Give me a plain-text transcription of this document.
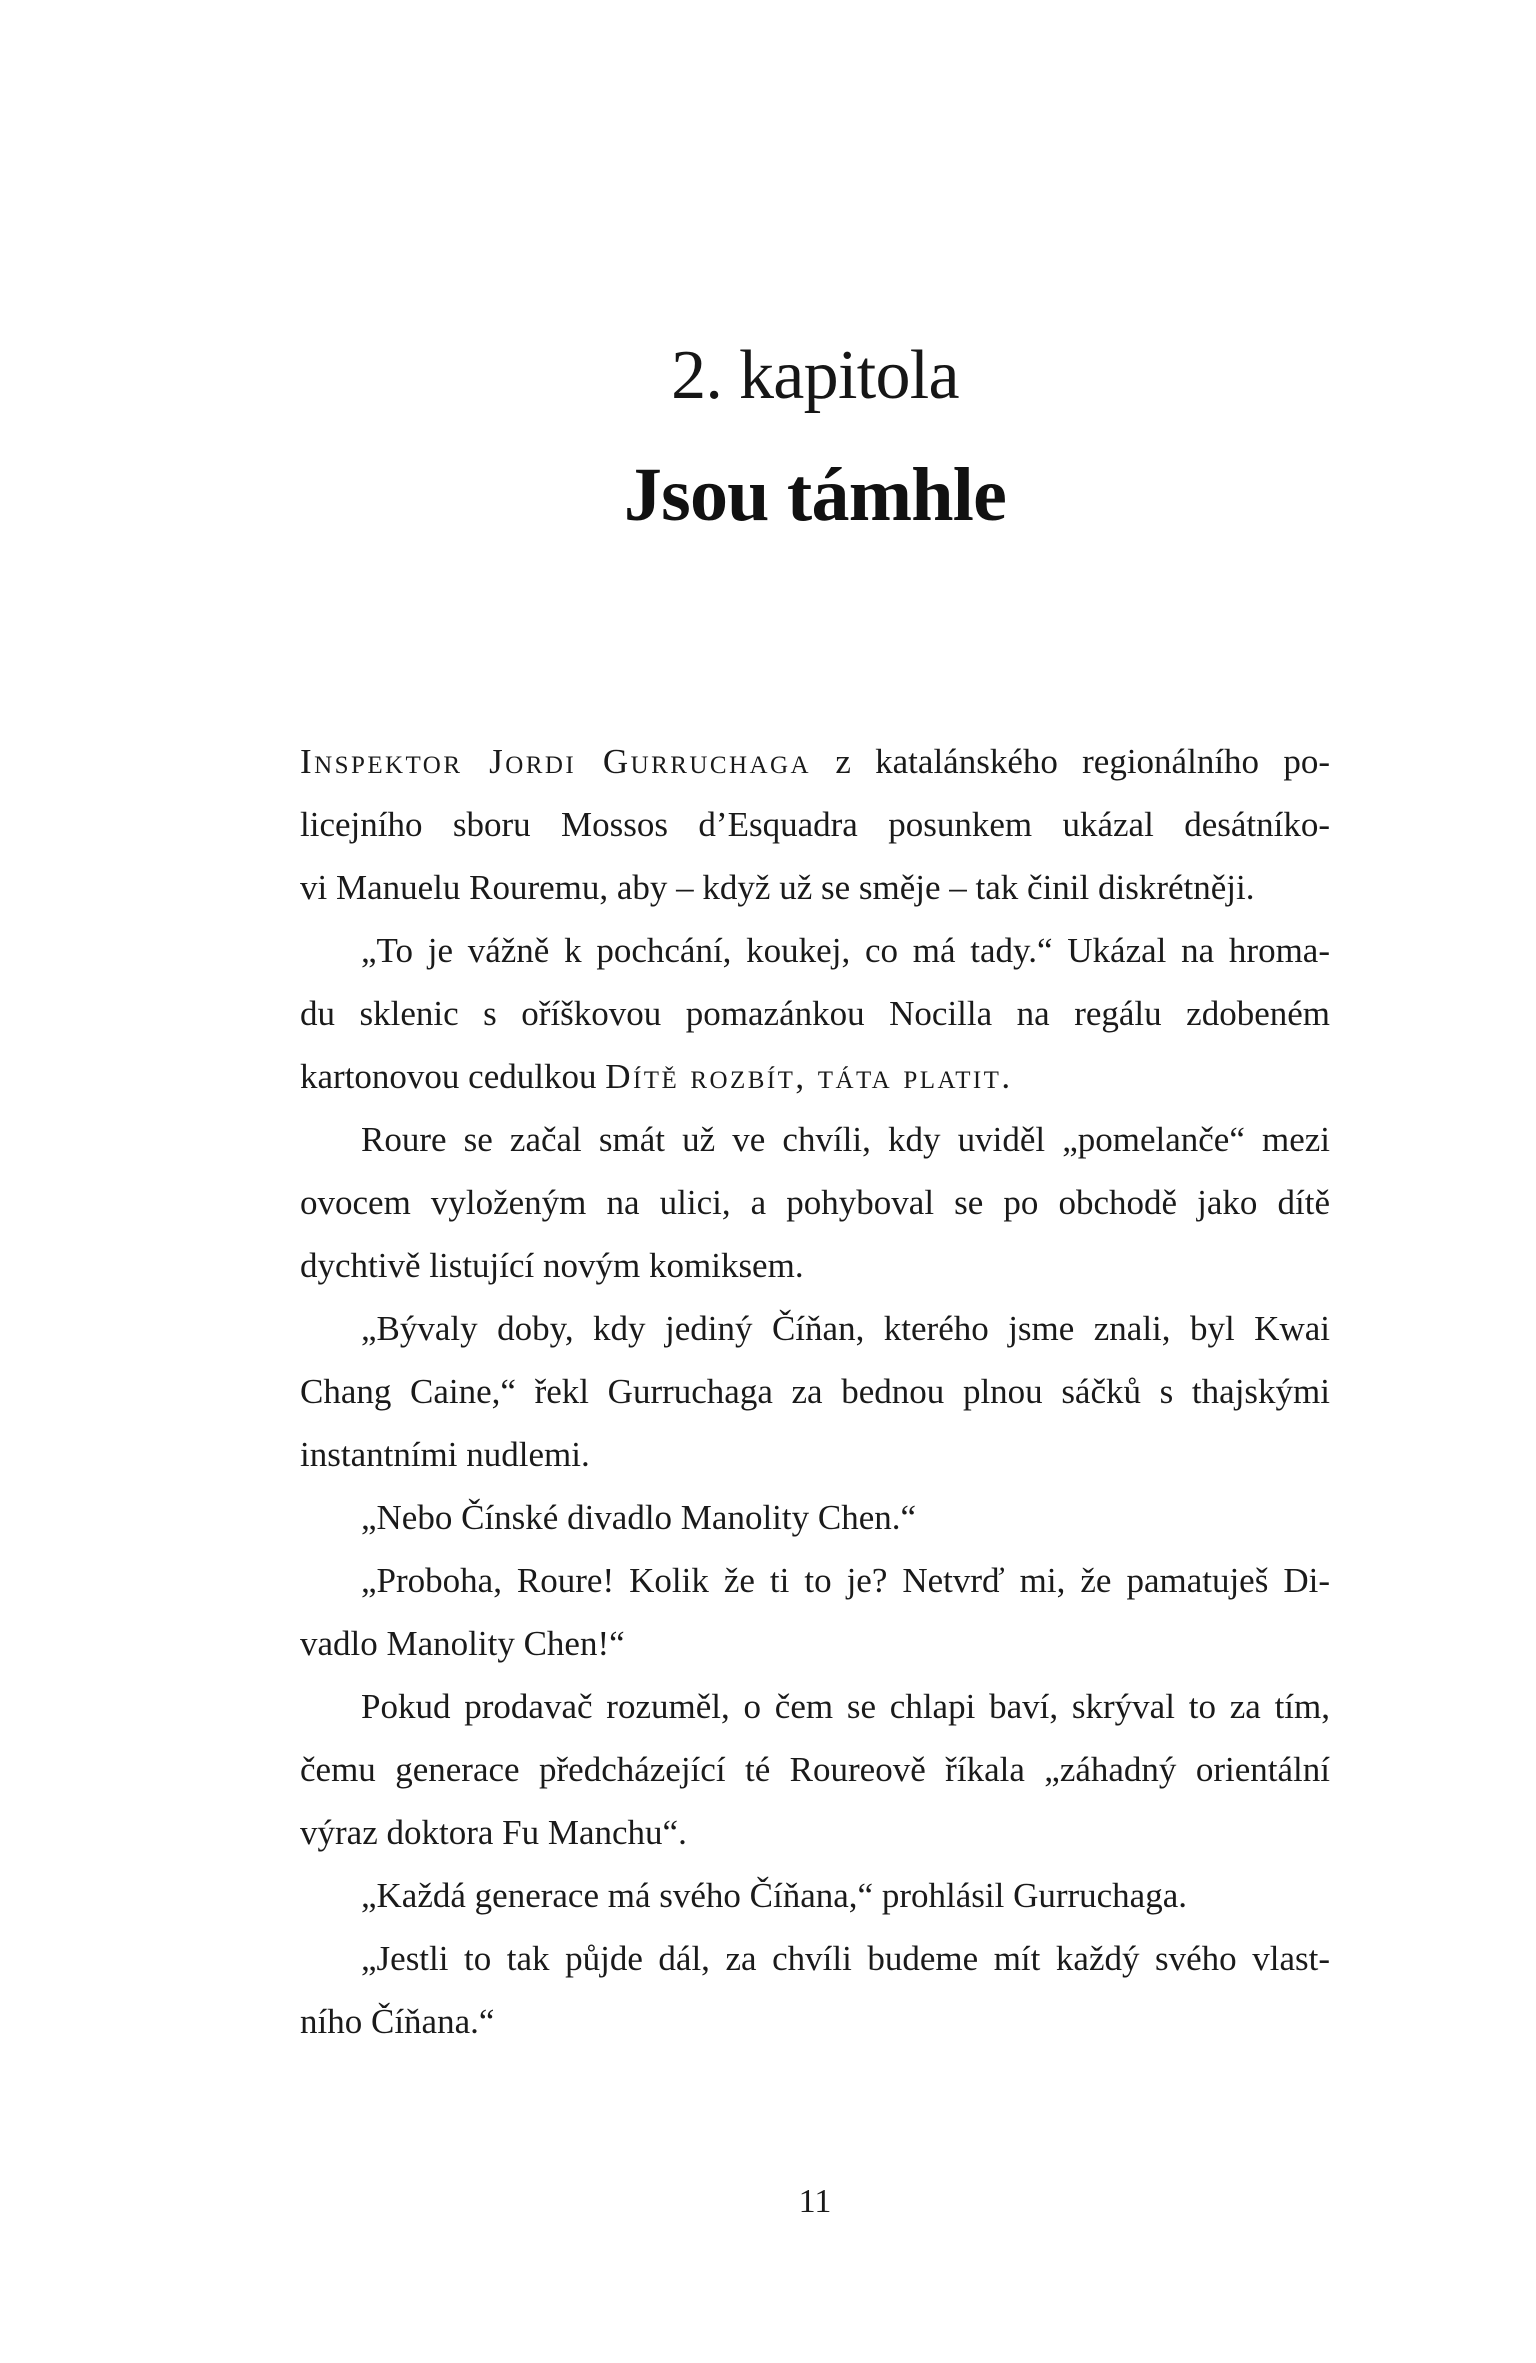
2. kapitola
Jsou támhle
Inspektor Jordi Gurruchaga z katalánského regionálního po-
licejního sboru Mossos d’Esquadra posunkem ukázal desátníko-
vi Manuelu Rouremu, aby – když už se směje – tak činil diskrétněji.
„To je vážně k pochcání, koukej, co má tady.“ Ukázal na hroma-
du sklenic s oříškovou pomazánkou Nocilla na regálu zdobeném
kartonovou cedulkou Dítě rozbít, táta platit.
Roure se začal smát už ve chvíli, kdy uviděl „pomelanče“ mezi
ovocem vyloženým na ulici, a pohyboval se po obchodě jako dítě
dychtivě listující novým komiksem.
„Bývaly doby, kdy jediný Číňan, kterého jsme znali, byl Kwai
Chang Caine,“ řekl Gurruchaga za bednou plnou sáčků s thajskými
instantními nudlemi.
„Nebo Čínské divadlo Manolity Chen.“
„Proboha, Roure! Kolik že ti to je? Netvrď mi, že pamatuješ Di-
vadlo Manolity Chen!“
Pokud prodavač rozuměl, o čem se chlapi baví, skrýval to za tím,
čemu generace předcházející té Roureově říkala „záhadný orientální
výraz doktora Fu Manchu“.
„Každá generace má svého Číňana,“ prohlásil Gurruchaga.
„Jestli to tak půjde dál, za chvíli budeme mít každý svého vlast-
ního Číňana.“
11
